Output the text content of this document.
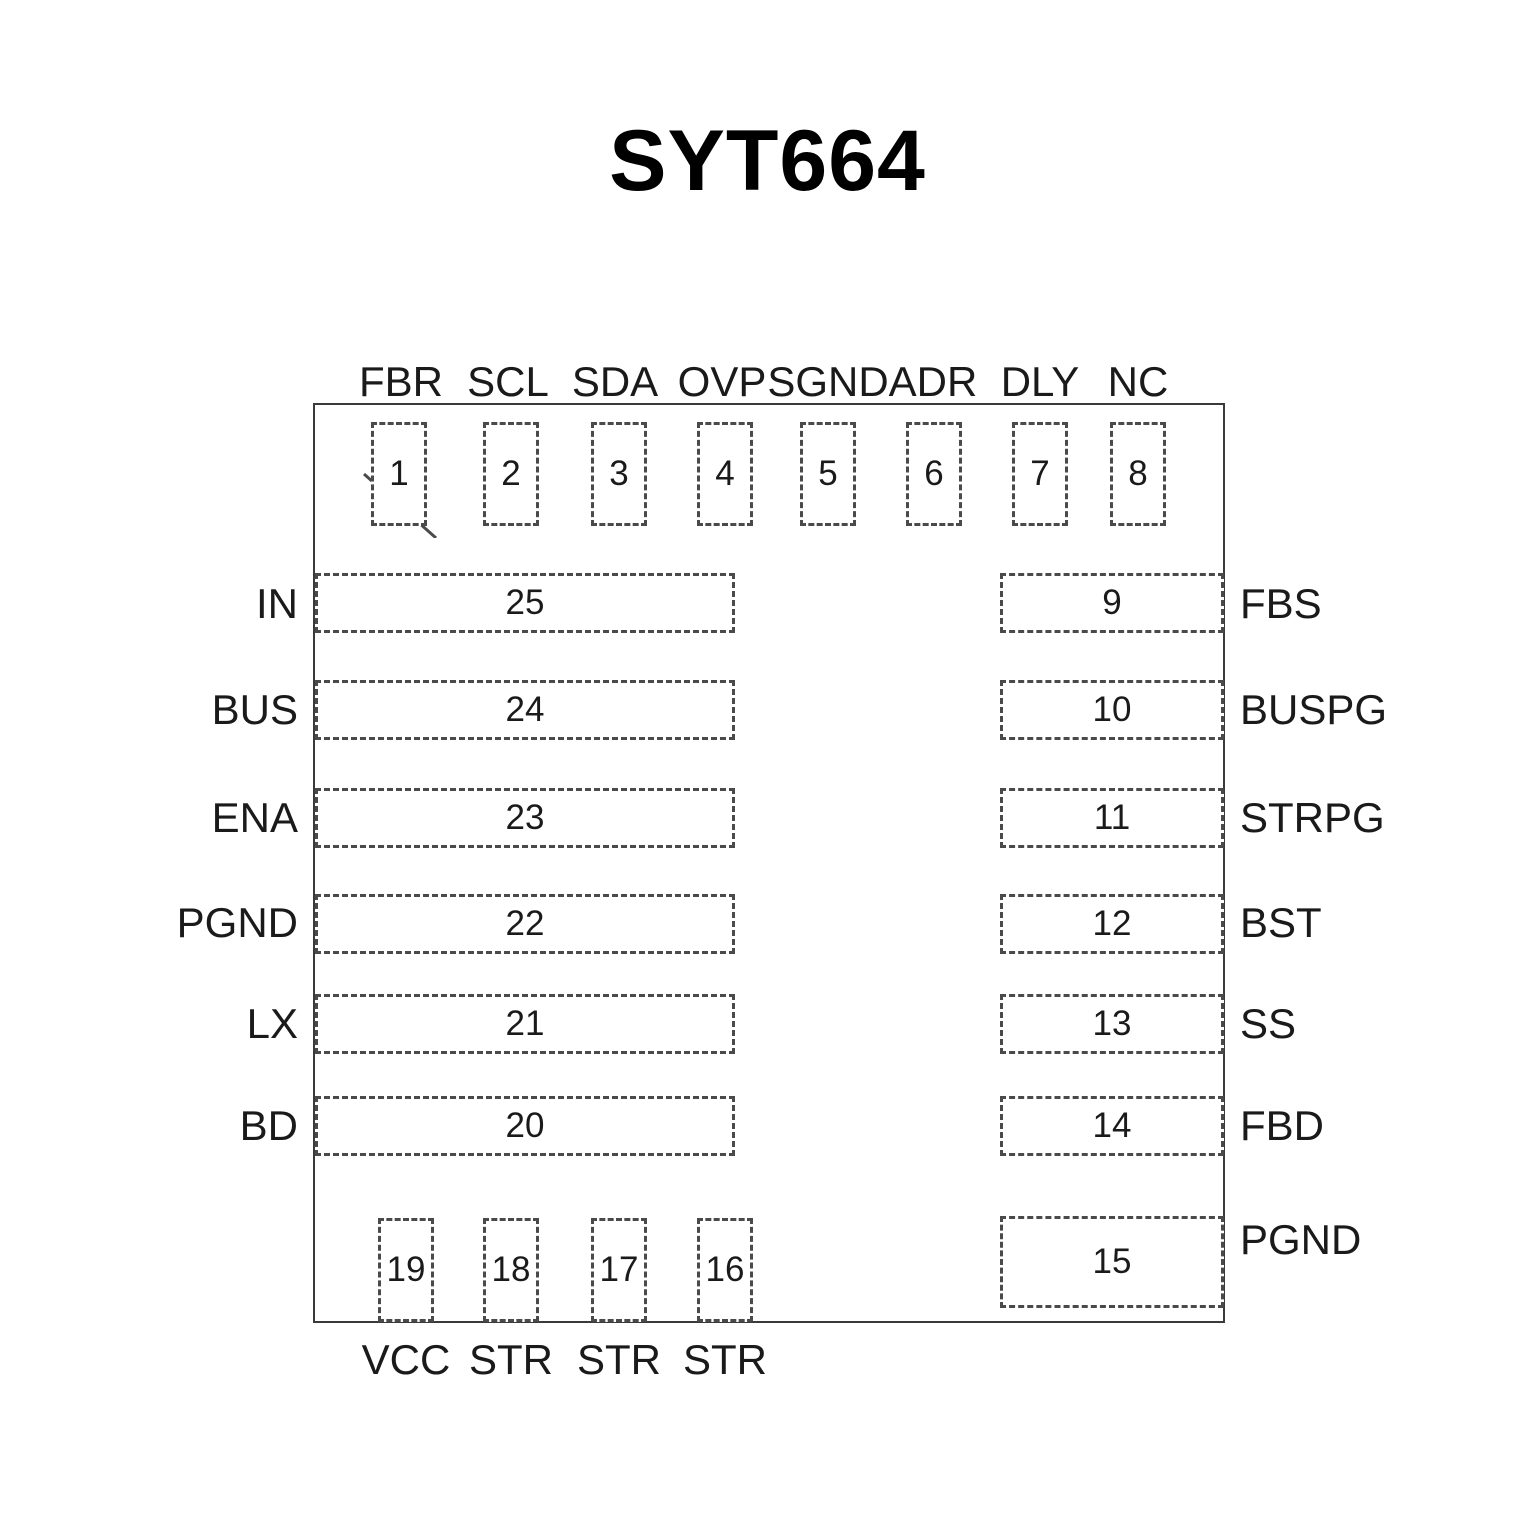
SYT664
1	2	3 4 5 6 7 8
FBR SCL SDA OVP SGND ADR DLY NC
25
24
23
22
21
20
IN
BUS
ENA
PGND
LX
BD
9
10
11
12
13
14
15
FBS
BUSPG
STRPG
BST
SS
FBD
PGND
19 18 17 16
VCC STR STR STR
